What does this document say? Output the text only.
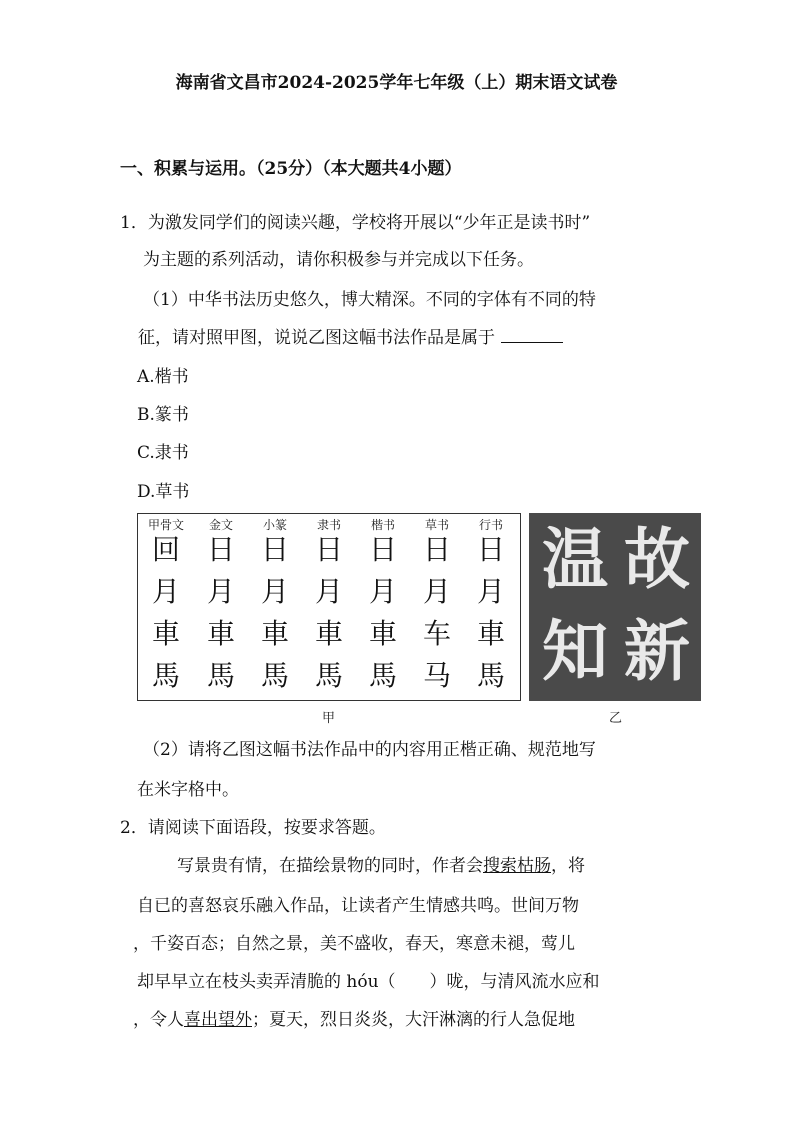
海南省文昌市2024-2025学年七年级（上）期末语文试卷
一、积累与运用。（25分）（本大题共4小题）
1．为激发同学们的阅读兴趣，学校将开展以“少年正是读书时”
为主题的系列活动，请你积极参与并完成以下任务。
（1）中华书法历史悠久，博大精深。不同的字体有不同的特
征，请对照甲图，说说乙图这幅书法作品是属于
A.楷书
B.篆书
C.隶书
D.草书
甲骨文	金文	小篆	隶书	楷书	草书	行书
回 日 日 日 日 日 日
月 月 月 月 月 月 月
車 車 車 車 車 车 車
馬 馬 馬 馬 馬 马 馬
甲
温 故
知 新
乙
（2）请将乙图这幅书法作品中的内容用正楷正确、规范地写
在米字格中。
2．请阅读下面语段，按要求答题。
写景贵有情，在描绘景物的同时，作者会搜索枯肠，将
自已的喜怒哀乐融入作品，让读者产生情感共鸣。世间万物
，千姿百态；自然之景，美不盛收，春天，寒意未褪，莺儿
却早早立在枝头卖弄清脆的 hóu（　　）咙，与清风流水应和
，令人喜出望外；夏天，烈日炎炎，大汗淋漓的行人急促地
